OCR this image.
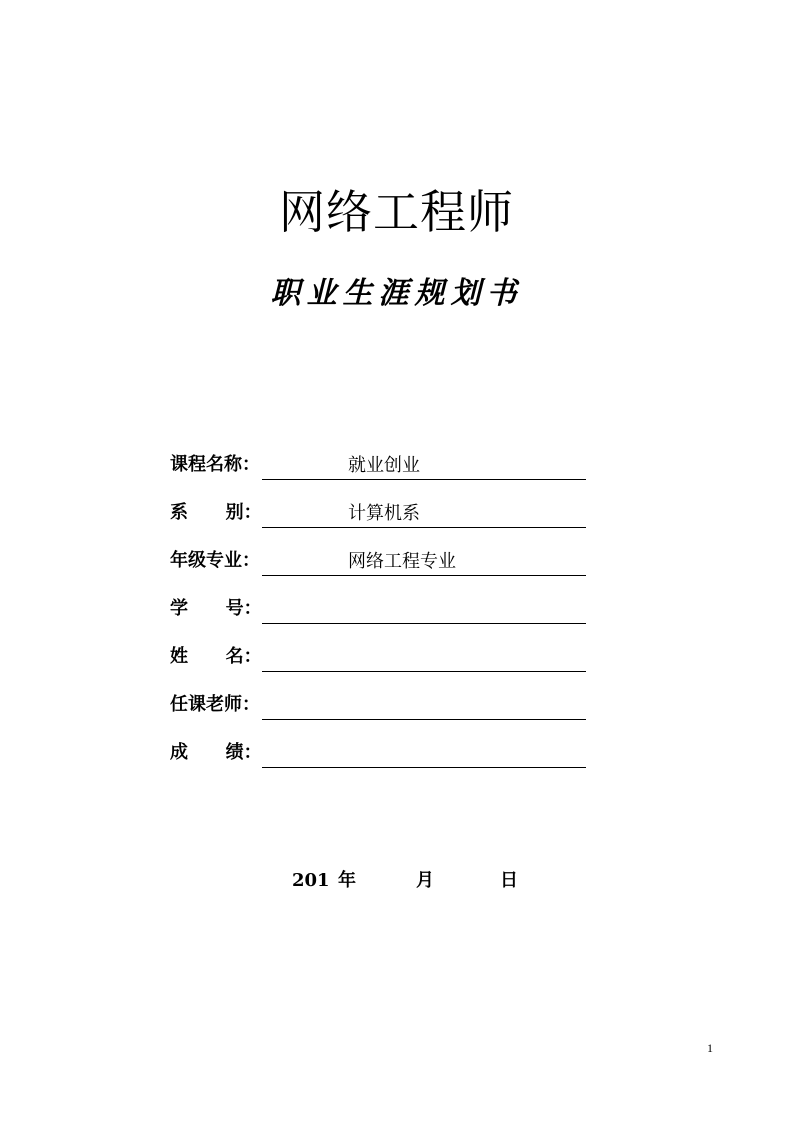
网络工程师
职业生涯规划书
课程名称：	就业创业
系      别：	计算机系
年级专业：	网络工程专业
学      号：
姓      名：
任课老师：
成      绩：
201 年	月	日
1
